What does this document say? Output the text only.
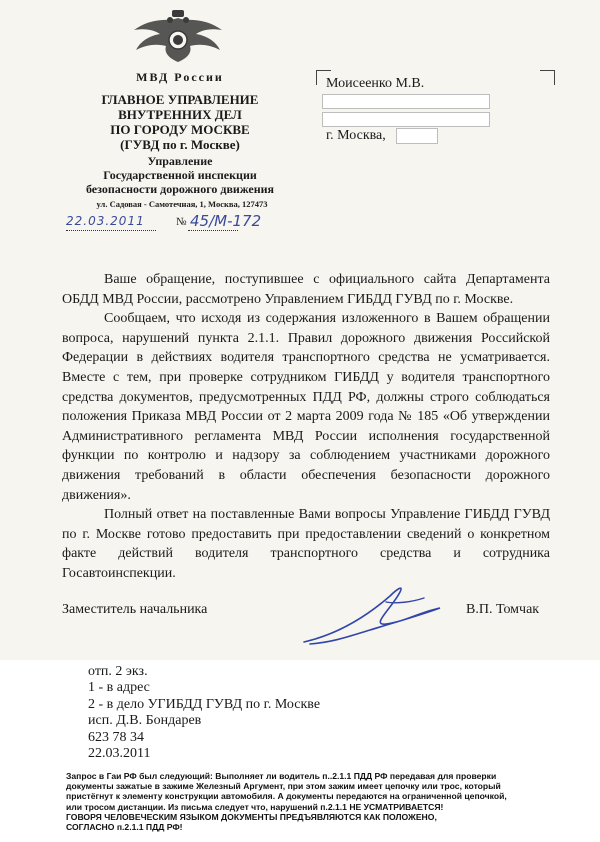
МВД России
ГЛАВНОЕ УПРАВЛЕНИЕ
ВНУТРЕННИХ ДЕЛ
ПО ГОРОДУ МОСКВЕ
(ГУВД по г. Москве)
Управление
Государственной инспекции
безопасности дорожного движения
ул. Садовая - Самотечная, 1, Москва, 127473
22.03.2011	№ 45/М-172
Моисеенко М.В.
г. Москва,

Ваше обращение, поступившее с официального сайта Департамента ОБДД МВД России, рассмотрено Управлением ГИБДД ГУВД по г. Москве.

Сообщаем, что исходя из содержания изложенного в Вашем обращении вопроса, нарушений пункта 2.1.1. Правил дорожного движения Российской Федерации в действиях водителя транспортного средства не усматривается. Вместе с тем, при проверке сотрудником ГИБДД у водителя транспортного средства документов, предусмотренных ПДД РФ, должны строго соблюдаться положения Приказа МВД России от 2 марта 2009 года № 185 «Об утверждении Административного регламента МВД России исполнения государственной функции по контролю и надзору за соблюдением участниками дорожного движения требований в области обеспечения безопасности дорожного движения».

Полный ответ на поставленные Вами вопросы Управление ГИБДД ГУВД по г. Москве готово предоставить при предоставлении сведений о конкретном факте действий водителя транспортного средства и сотрудника Госавтоинспекции.

Заместитель начальника	В.П. Томчак
отп. 2 экз.
1 - в адрес
2 - в дело УГИБДД ГУВД по г. Москве
исп. Д.В. Бондарев
623 78 34
22.03.2011
Запрос в Гаи РФ был следующий: Выполняет ли водитель п..2.1.1 ПДД РФ передавая для проверки
документы зажатые в зажиме Железный Аргумент, при этом зажим имеет цепочку или трос, который
пристёгнут к элементу конструкции автомобиля. А документы передаются на ограниченной цепочкой,
или тросом дистанции. Из письма следует что, нарушений п.2.1.1 НЕ УСМАТРИВАЕТСЯ!
ГОВОРЯ ЧЕЛОВЕЧЕСКИМ ЯЗЫКОМ ДОКУМЕНТЫ ПРЕДЪЯВЛЯЮТСЯ КАК ПОЛОЖЕНО,
СОГЛАСНО п.2.1.1 ПДД РФ!
